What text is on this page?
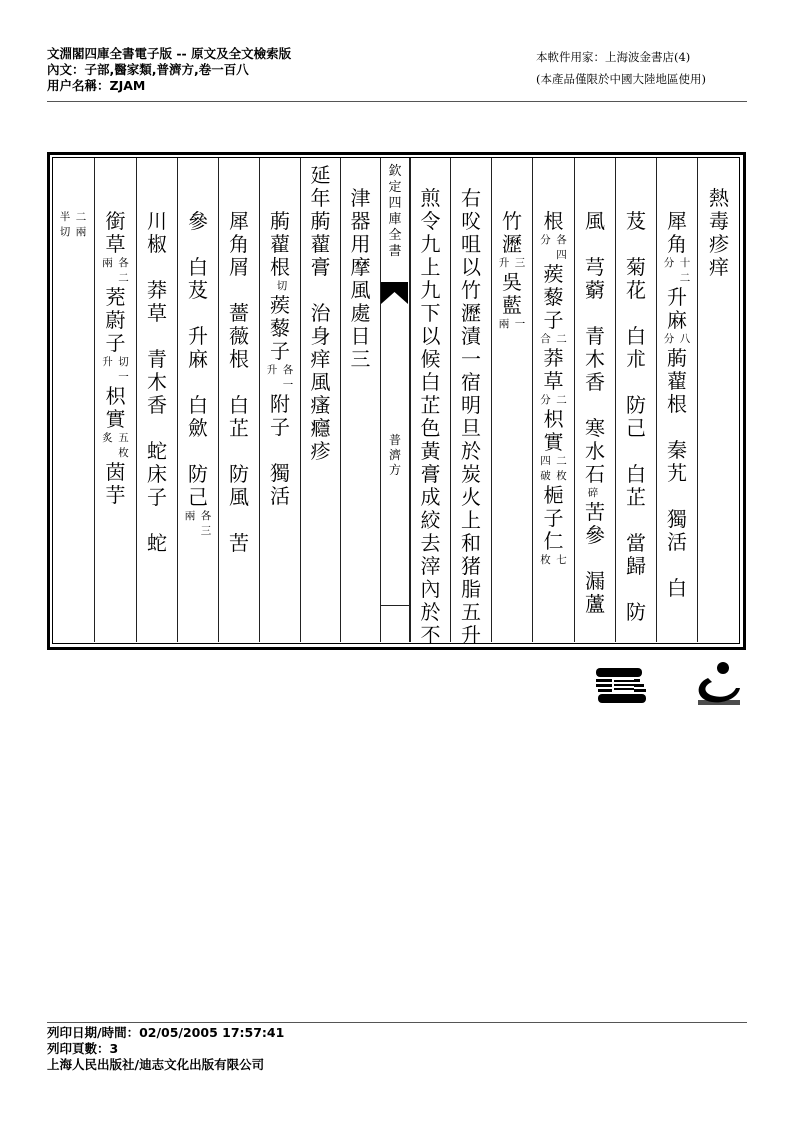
文淵閣四庫全書電子版 -- 原文及全文檢索版
內文：子部,醫家類,普濟方,卷一百八
用户名稱：ZJAM
本軟件用家：上海波金書店(4)
(本產品僅限於中國大陸地區使用)
熱
毒
疹
痒
犀
角
十
二
分
升
麻
八
分
葋
藋
根
秦
艽
獨
活
白
芨
菊
花
白
朮
防
己
白
芷
當
歸
防
風
芎
藭
青
木
香
寒
水
石
碎
苦
參
漏
蘆
根
各
四
分
蒺
藜
子
二
合
莽
草
二
分
枳
實
二
枚
四
破
梔
子
仁
七
枚
竹
瀝
三
升
吳
藍
一
兩
右
㕮
咀
以
竹
瀝
漬
一
宿
明
旦
於
炭
火
上
和
猪
脂
五
升
煎
令
九
上
九
下
以
候
白
芷
色
黃
膏
成
絞
去
滓
內
於
不
津
器
用
摩
風
處
日
三
延
年
葋
藋
膏
治
身
痒
風
瘙
癮
疹
葋
藋
根
切
蒺
藜
子
各
一
升
附
子
獨
活
犀
角
屑
薔
薇
根
白
芷
防
風
苦
參
白
芨
升
麻
白
歛
防
己
各
三
兩
川
椒
莽
草
青
木
香
蛇
床
子
蛇
銜
草
各
二
兩
茺
蔚
子
切
一
升
枳
實
五
枚
炙
茵
芋
二
兩
半
切
欽
定
四
庫
全
書
普
濟
方
列印日期/時間：02/05/2005 17:57:41
列印頁數：3
上海人民出版社/迪志文化出版有限公司
